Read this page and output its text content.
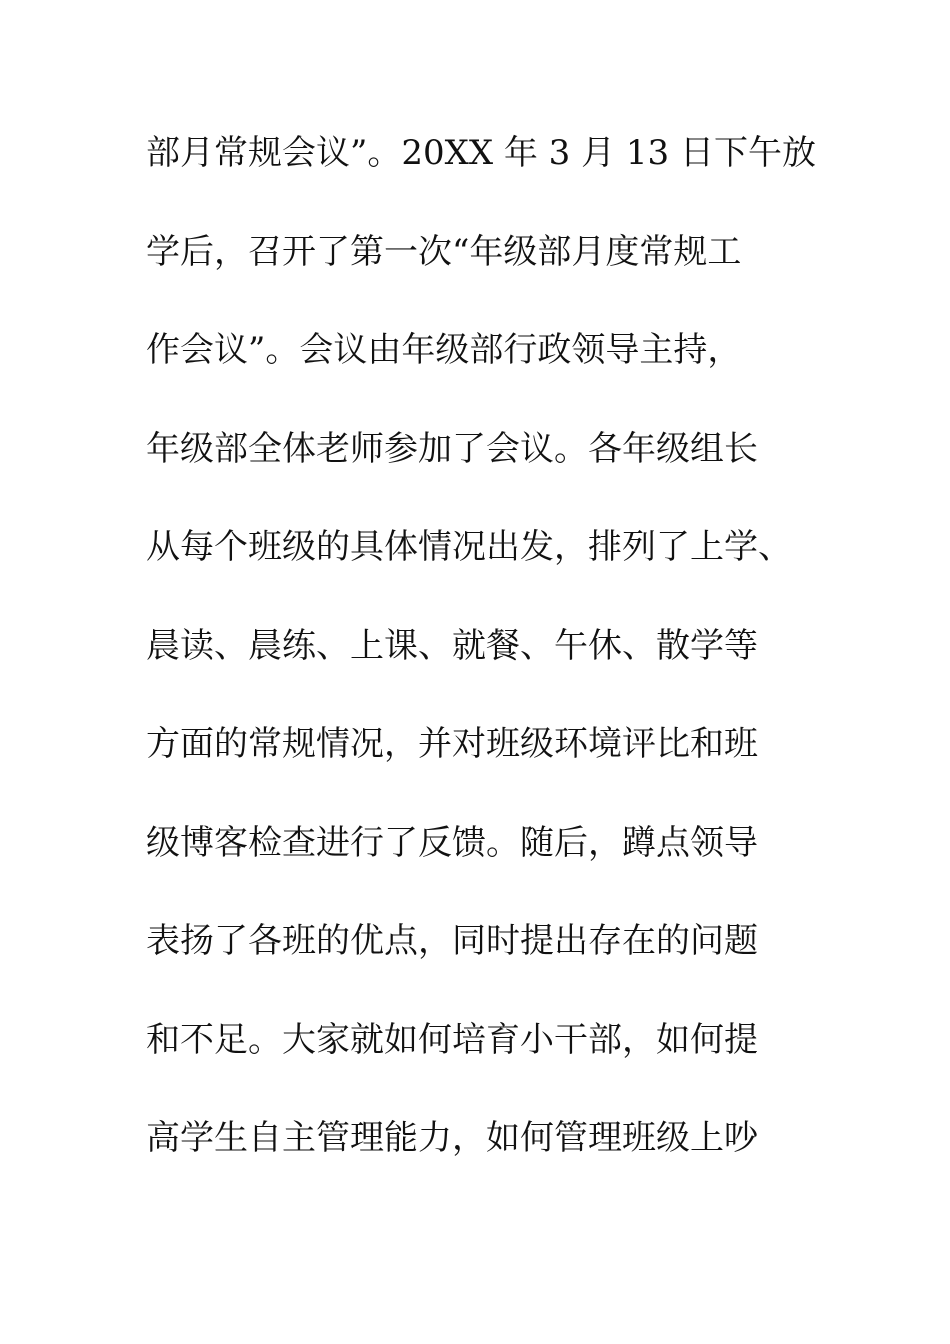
部月常规会议”。20XX 年 3 月 13 日下午放
学后，召开了第一次“年级部月度常规工
作会议”。会议由年级部行政领导主持，
年级部全体老师参加了会议。各年级组长
从每个班级的具体情况出发，排列了上学、
晨读、晨练、上课、就餐、午休、散学等
方面的常规情况，并对班级环境评比和班
级博客检查进行了反馈。随后，蹲点领导
表扬了各班的优点，同时提出存在的问题
和不足。大家就如何培育小干部，如何提
高学生自主管理能力，如何管理班级上吵
